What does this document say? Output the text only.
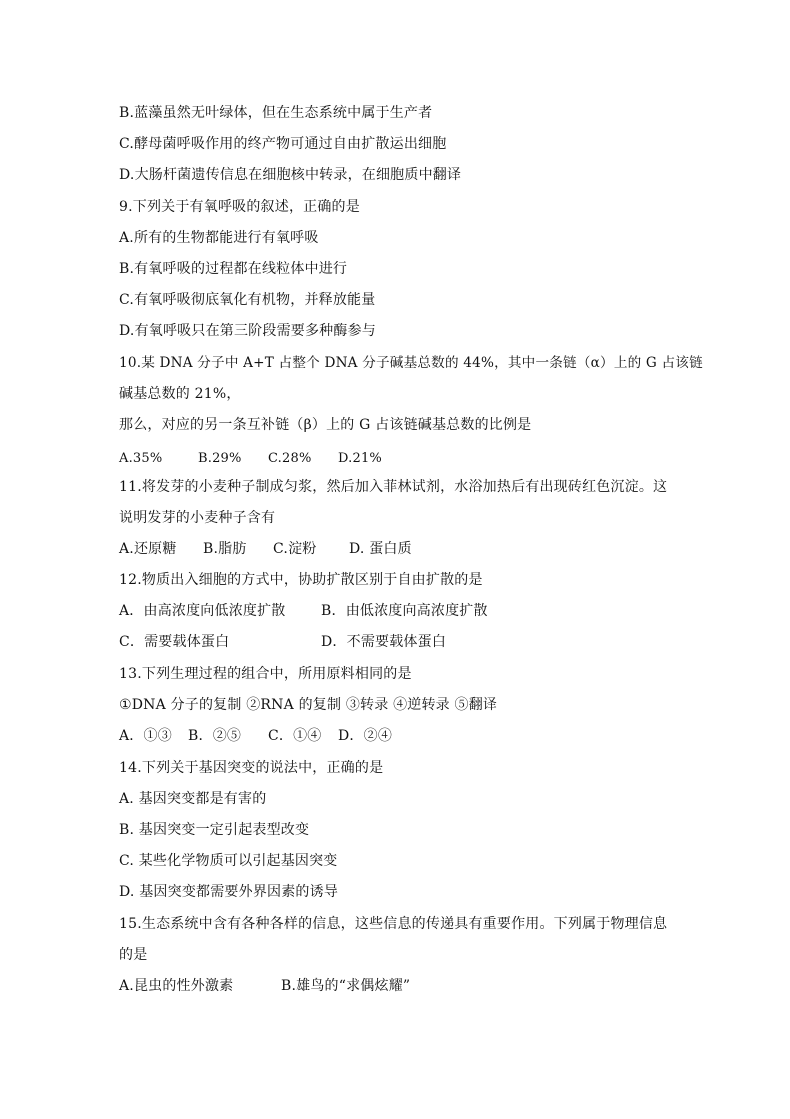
B.蓝藻虽然无叶绿体，但在生态系统中属于生产者
C.酵母菌呼吸作用的终产物可通过自由扩散运出细胞
D.大肠杆菌遗传信息在细胞核中转录，在细胞质中翻译
9.下列关于有氧呼吸的叙述，正确的是
A.所有的生物都能进行有氧呼吸
B.有氧呼吸的过程都在线粒体中进行
C.有氧呼吸彻底氧化有机物，并释放能量
D.有氧呼吸只在第三阶段需要多种酶参与
10.某 DNA 分子中 A+T 占整个 DNA 分子碱基总数的 44%，其中一条链（α）上的 G 占该链
碱基总数的 21%，
那么，对应的另一条互补链（β）上的 G 占该链碱基总数的比例是
A.35%	B.29% C.28% D.21%
11.将发芽的小麦种子制成匀浆，然后加入菲林试剂，水浴加热后有出现砖红色沉淀。这
说明发芽的小麦种子含有
A.还原糖 B.脂肪 C.淀粉 D. 蛋白质
12.物质出入细胞的方式中，协助扩散区别于自由扩散的是
A．由高浓度向低浓度扩散	B．由低浓度向高浓度扩散
C．需要载体蛋白	D．不需要载体蛋白
13.下列生理过程的组合中，所用原料相同的是
①DNA 分子的复制 ②RNA 的复制 ③转录 ④逆转录 ⑤翻译
A．①③ B．②⑤ C．①④ D．②④
14.下列关于基因突变的说法中，正确的是
A. 基因突变都是有害的
B. 基因突变一定引起表型改变
C. 某些化学物质可以引起基因突变
D. 基因突变都需要外界因素的诱导
15.生态系统中含有各种各样的信息，这些信息的传递具有重要作用。下列属于物理信息
的是
A.昆虫的性外激素	B.雄鸟的“求偶炫耀”
